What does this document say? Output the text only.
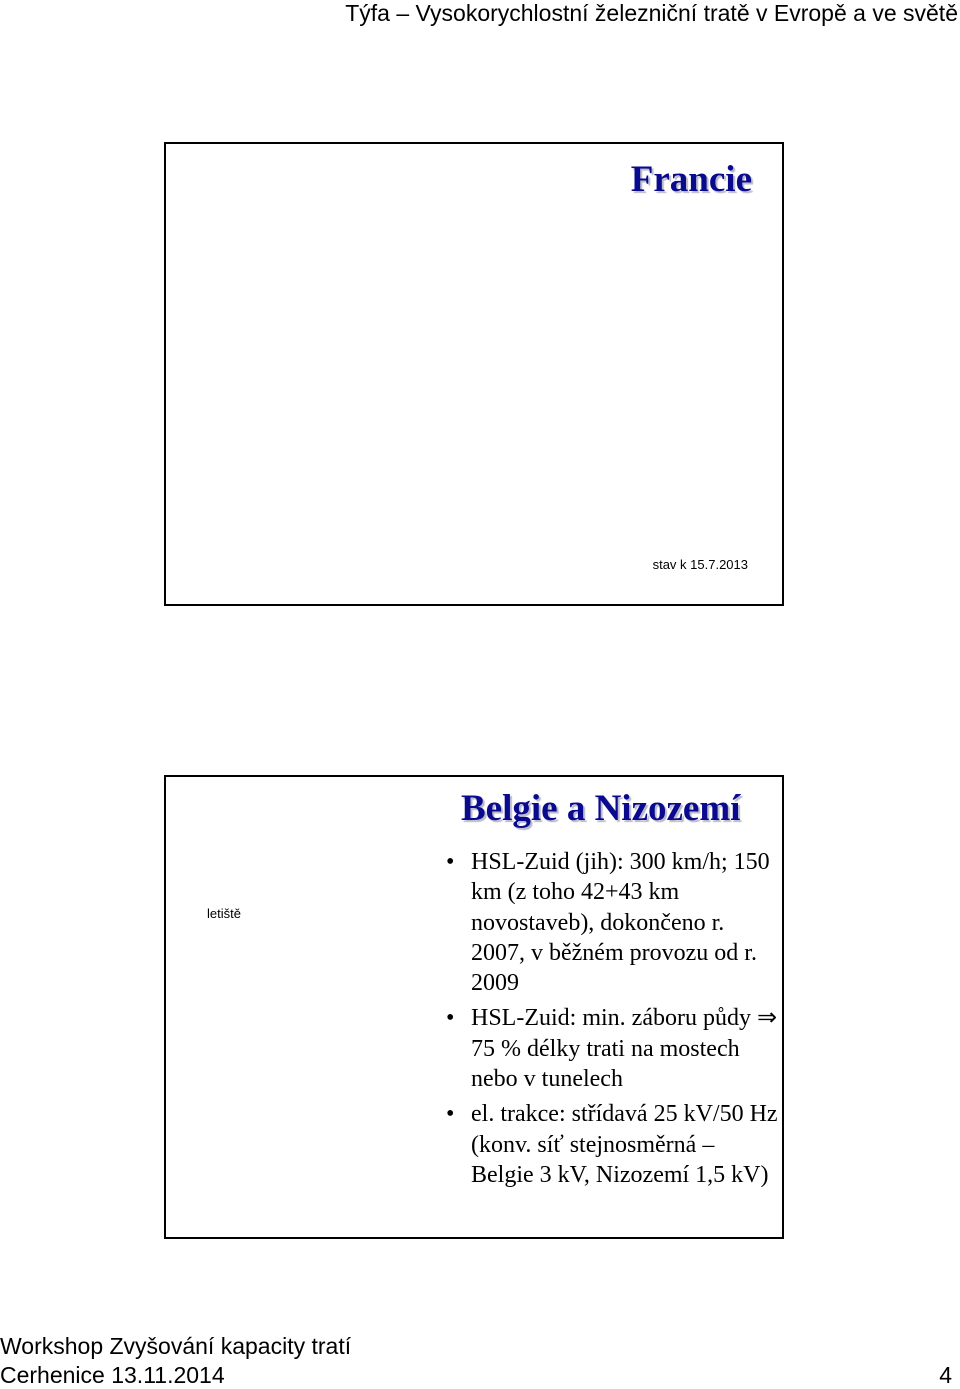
Týfa – Vysokorychlostní železniční tratě v Evropě a ve světě
Francie
stav k 15.7.2013
Belgie a Nizozemí
letiště
• HSL-Zuid (jih): 300 km/h; 150 km (z toho 42+43 km novostaveb), dokončeno r. 2007, v běžném provozu od r. 2009
• HSL-Zuid: min. záboru půdy ⇒ 75 % délky trati na mostech nebo v tunelech
• el. trakce: střídavá 25 kV/50 Hz (konv. síť stejnosměrná – Belgie 3 kV, Nizozemí 1,5 kV)
Workshop Zvyšování kapacity tratí
Cerhenice 13.11.2014	4
